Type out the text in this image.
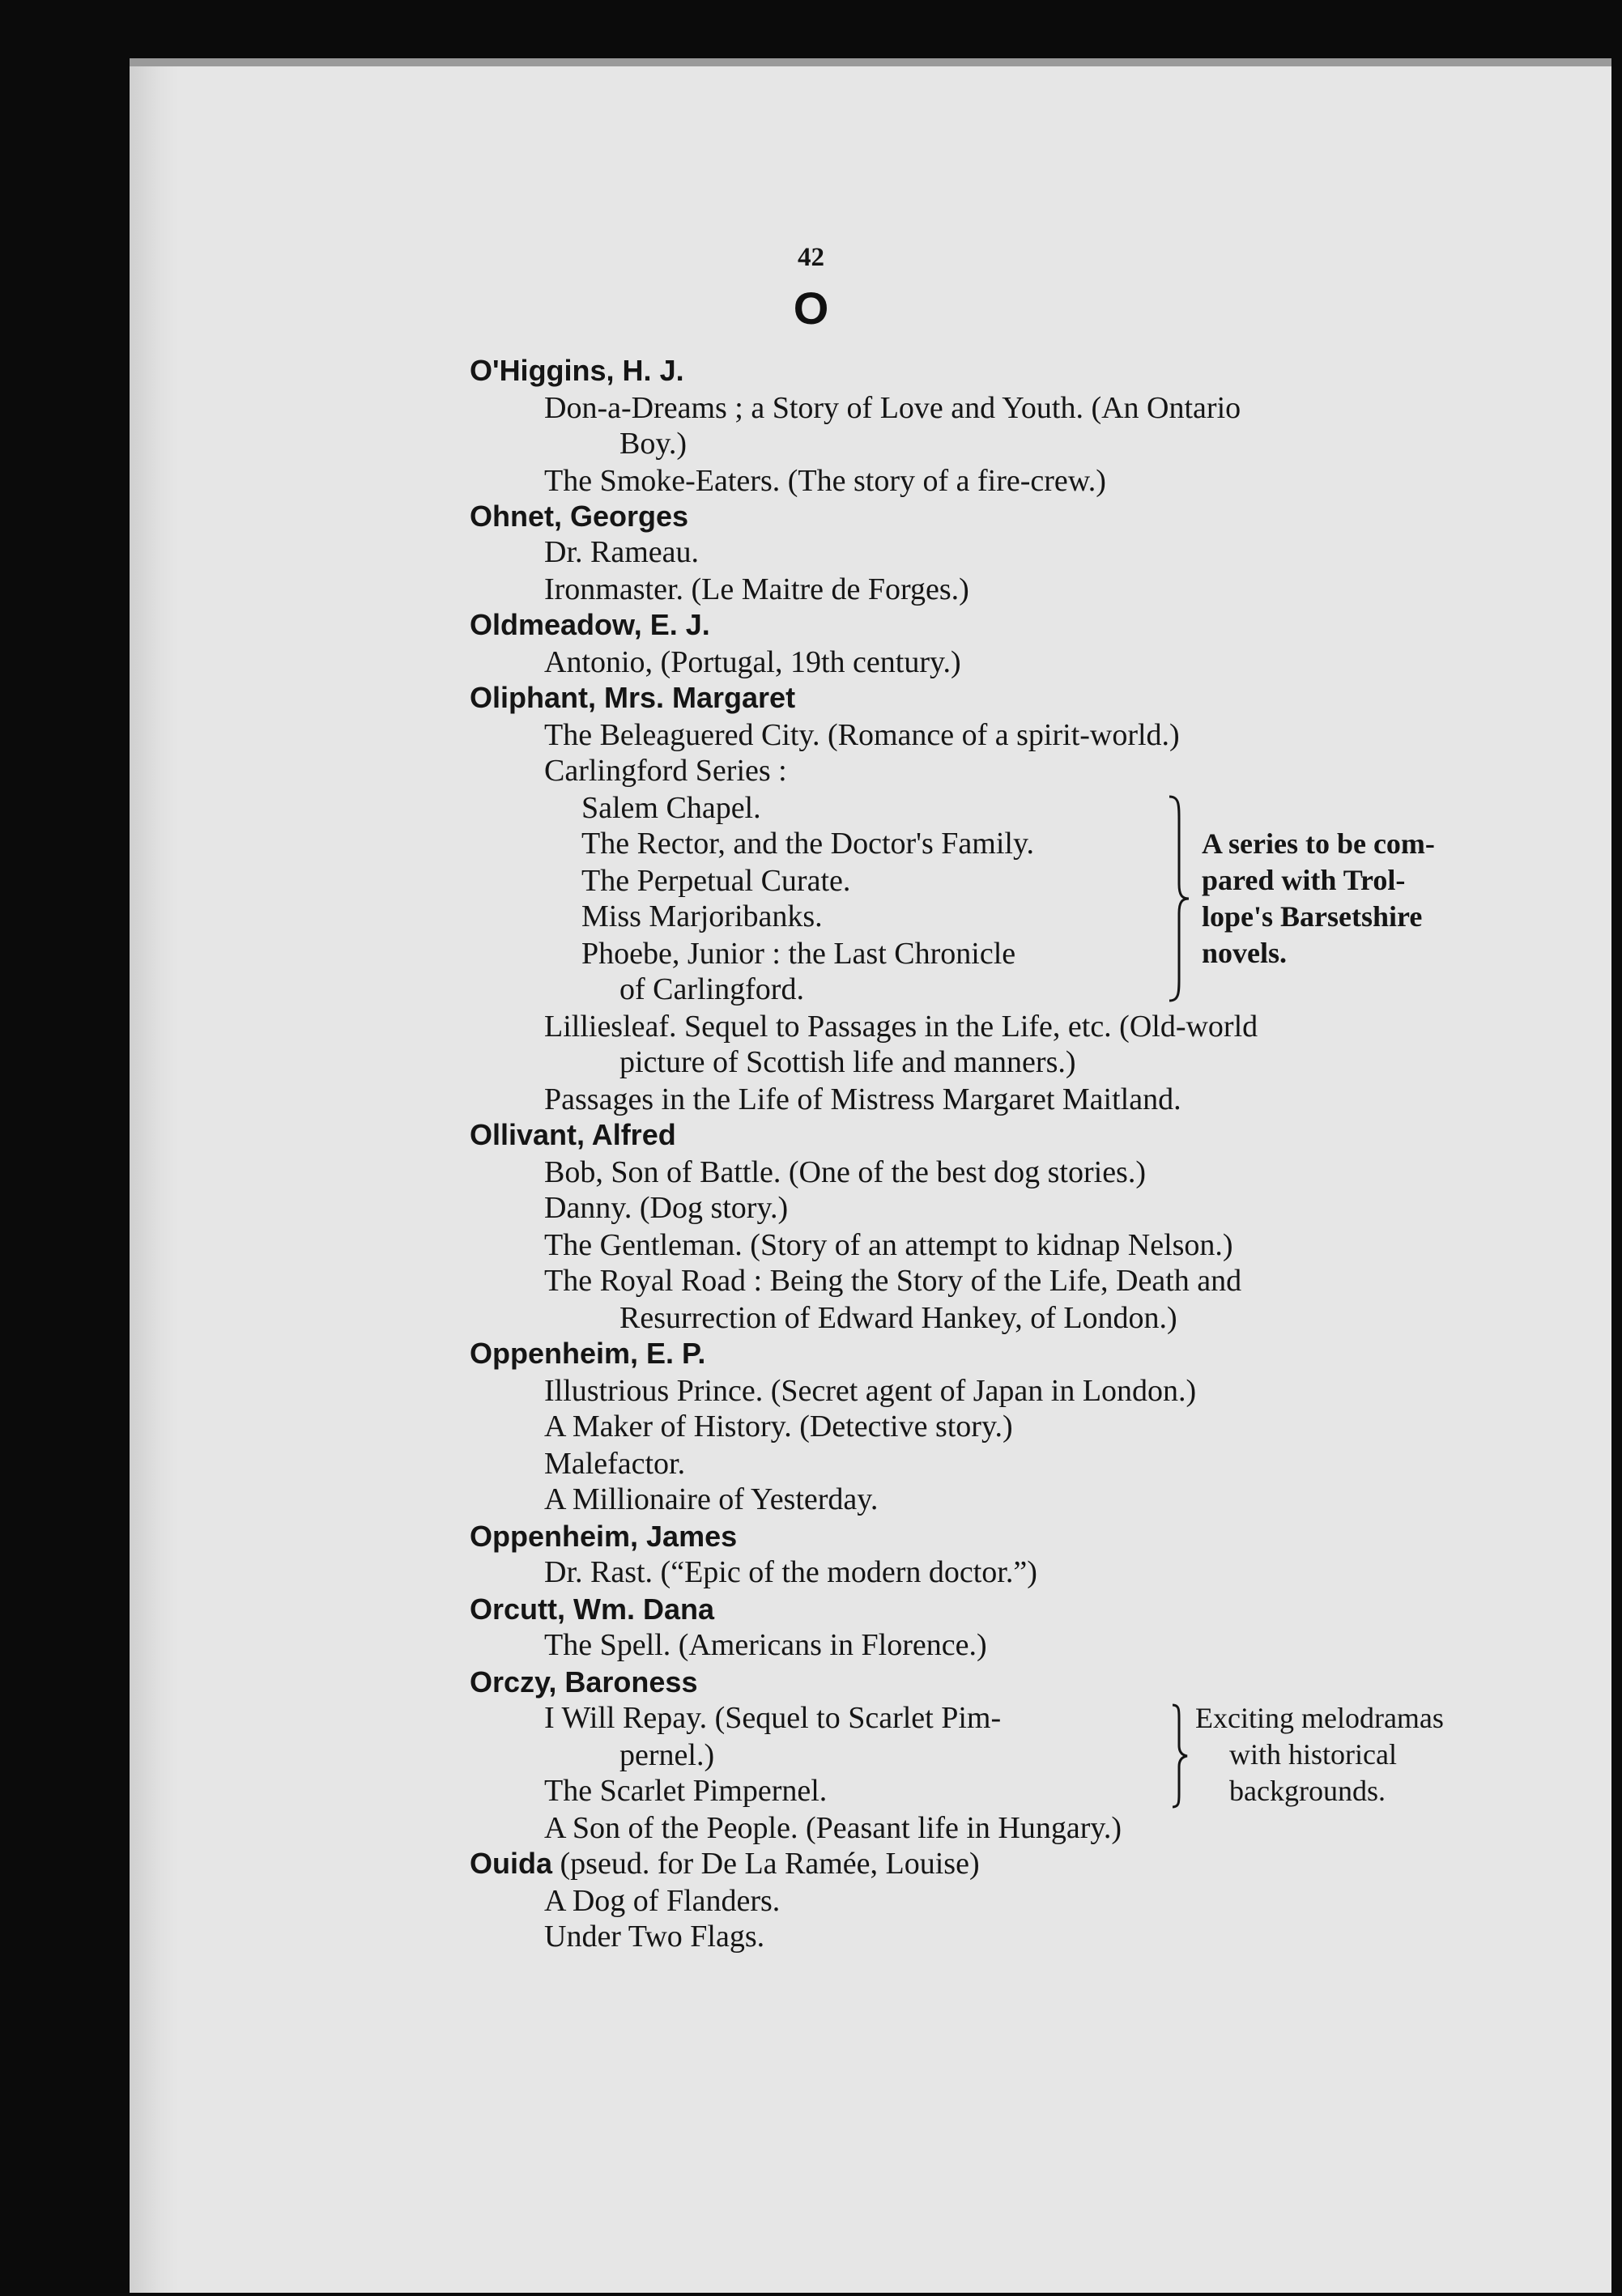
42
O
O'Higgins, H. J.
Don-a-Dreams ; a Story of Love and Youth. (An Ontario
Boy.)
The Smoke-Eaters. (The story of a fire-crew.)
Ohnet, Georges
Dr. Rameau.
Ironmaster. (Le Maitre de Forges.)
Oldmeadow, E. J.
Antonio, (Portugal, 19th century.)
Oliphant, Mrs. Margaret
The Beleaguered City. (Romance of a spirit-world.)
Carlingford Series :
Salem Chapel.
The Rector, and the Doctor's Family.
The Perpetual Curate.
Miss Marjoribanks.
Phoebe, Junior : the Last Chronicle
of Carlingford.
A series to be com-
pared with Trol-
lope's Barsetshire
novels.
Lilliesleaf. Sequel to Passages in the Life, etc. (Old-world
picture of Scottish life and manners.)
Passages in the Life of Mistress Margaret Maitland.
Ollivant, Alfred
Bob, Son of Battle. (One of the best dog stories.)
Danny. (Dog story.)
The Gentleman. (Story of an attempt to kidnap Nelson.)
The Royal Road : Being the Story of the Life, Death and
Resurrection of Edward Hankey, of London.)
Oppenheim, E. P.
Illustrious Prince. (Secret agent of Japan in London.)
A Maker of History. (Detective story.)
Malefactor.
A Millionaire of Yesterday.
Oppenheim, James
Dr. Rast. (“Epic of the modern doctor.”)
Orcutt, Wm. Dana
The Spell. (Americans in Florence.)
Orczy, Baroness
I Will Repay. (Sequel to Scarlet Pim-
pernel.)
The Scarlet Pimpernel.
Exciting melodramas
with historical
backgrounds.
A Son of the People. (Peasant life in Hungary.)
Ouida (pseud. for De La Ramée, Louise)
A Dog of Flanders.
Under Two Flags.
